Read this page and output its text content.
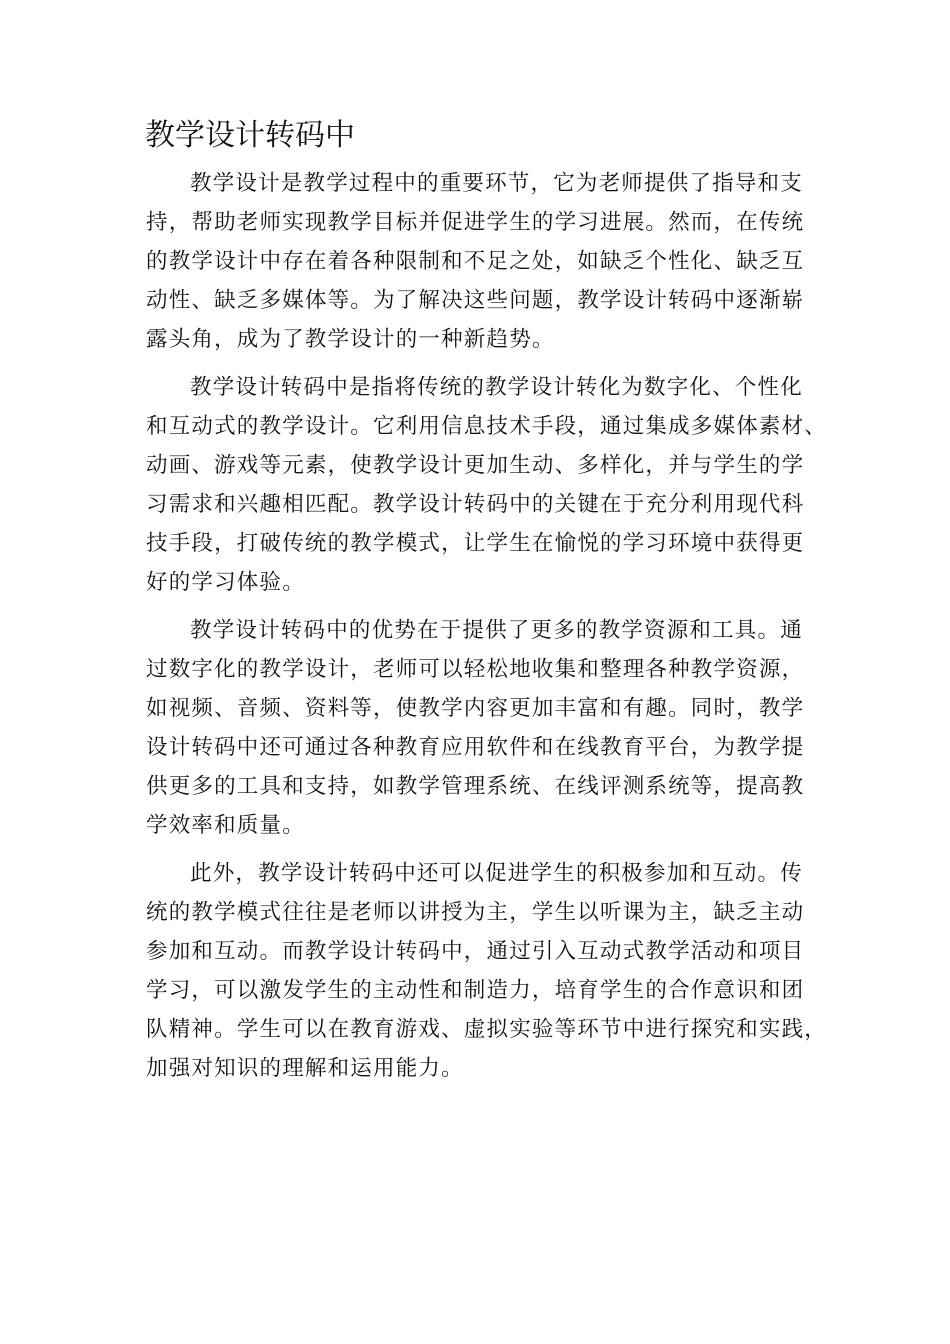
教学设计转码中
教学设计是教学过程中的重要环节，它为老师提供了指导和支
持，帮助老师实现教学目标并促进学生的学习进展。然而，在传统
的教学设计中存在着各种限制和不足之处，如缺乏个性化、缺乏互
动性、缺乏多媒体等。为了解决这些问题，教学设计转码中逐渐崭
露头角，成为了教学设计的一种新趋势。
教学设计转码中是指将传统的教学设计转化为数字化、个性化
和互动式的教学设计。它利用信息技术手段，通过集成多媒体素材、
动画、游戏等元素，使教学设计更加生动、多样化，并与学生的学
习需求和兴趣相匹配。教学设计转码中的关键在于充分利用现代科
技手段，打破传统的教学模式，让学生在愉悦的学习环境中获得更
好的学习体验。
教学设计转码中的优势在于提供了更多的教学资源和工具。通
过数字化的教学设计，老师可以轻松地收集和整理各种教学资源，
如视频、音频、资料等，使教学内容更加丰富和有趣。同时，教学
设计转码中还可通过各种教育应用软件和在线教育平台，为教学提
供更多的工具和支持，如教学管理系统、在线评测系统等，提高教
学效率和质量。
此外，教学设计转码中还可以促进学生的积极参加和互动。传
统的教学模式往往是老师以讲授为主，学生以听课为主，缺乏主动
参加和互动。而教学设计转码中，通过引入互动式教学活动和项目
学习，可以激发学生的主动性和制造力，培育学生的合作意识和团
队精神。学生可以在教育游戏、虚拟实验等环节中进行探究和实践，
加强对知识的理解和运用能力。
